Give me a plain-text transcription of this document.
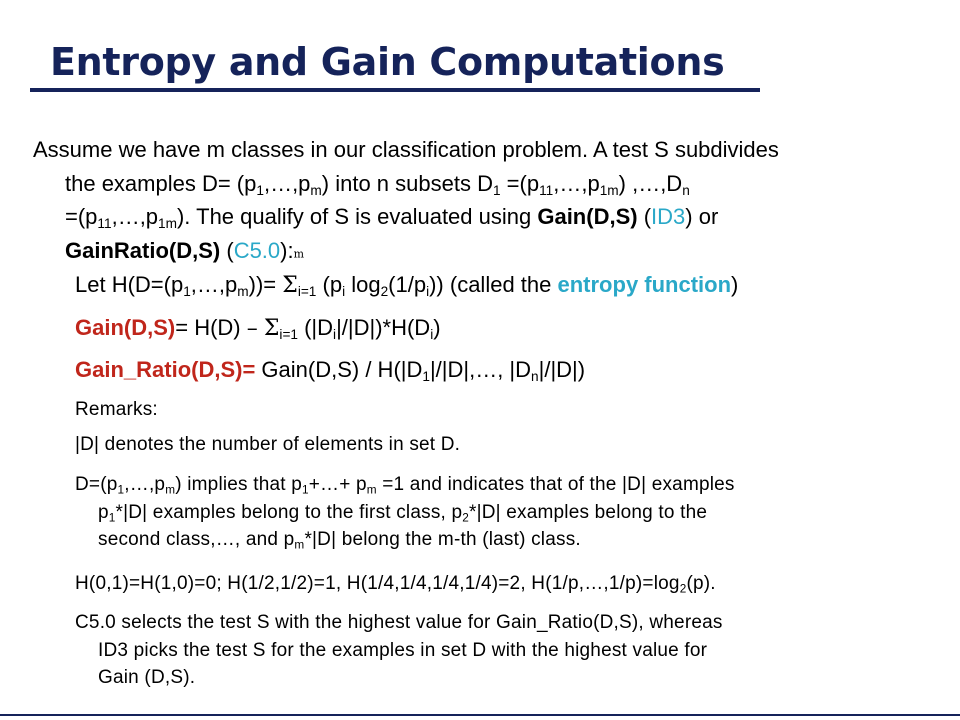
Entropy and Gain Computations

Assume we have m classes in our classification problem. A test S subdivides
the examples $D= (p_1,\dots,p_m)$ into n subsets $D_1$ $=(p_{11},\dots,p_{1m})$ $,\dots,D_n$
$=(p_{11},\dots,p_{1m})$. The qualify of S is evaluated using Gain(D,S) (ID3) or
GainRatio(D,S) (C5.0):m

Let $H(D=(p_1,\dots,p_m))= \Sigma_{i=1}$ ($p_i$ $\log_2(1/p_i)$) (called the entropy function)

Gain(D,S)= $H(D) - \Sigma_{i=1}$ $(|D_i|/|D|)*H(D_i)$

Gain_Ratio(D,S)= Gain(D,S) / $H(|D_1|/|D|,\dots$, $|D_n|/|D|$)

Remarks:

|D| denotes the number of elements in set D.

$D=(p_1,\dots,p_m)$ implies that $p_1+\dots+ p_m =1$ and indicates that of the |D| examples
$p_1*|D|$ examples belong to the first class, $p_2*|D|$ examples belong to the
second class,…, and $p_m*|D|$ belong the m-th (last) class.

H(0,1)=H(1,0)=0; H(1/2,1/2)=1, H(1/4,1/4,1/4,1/4)=2, $H(1/p,\dots,1/p)=\log_2(p)$.

C5.0 selects the test S with the highest value for Gain_Ratio(D,S), whereas
ID3 picks the test S for the examples in set D with the highest value for
Gain (D,S).
